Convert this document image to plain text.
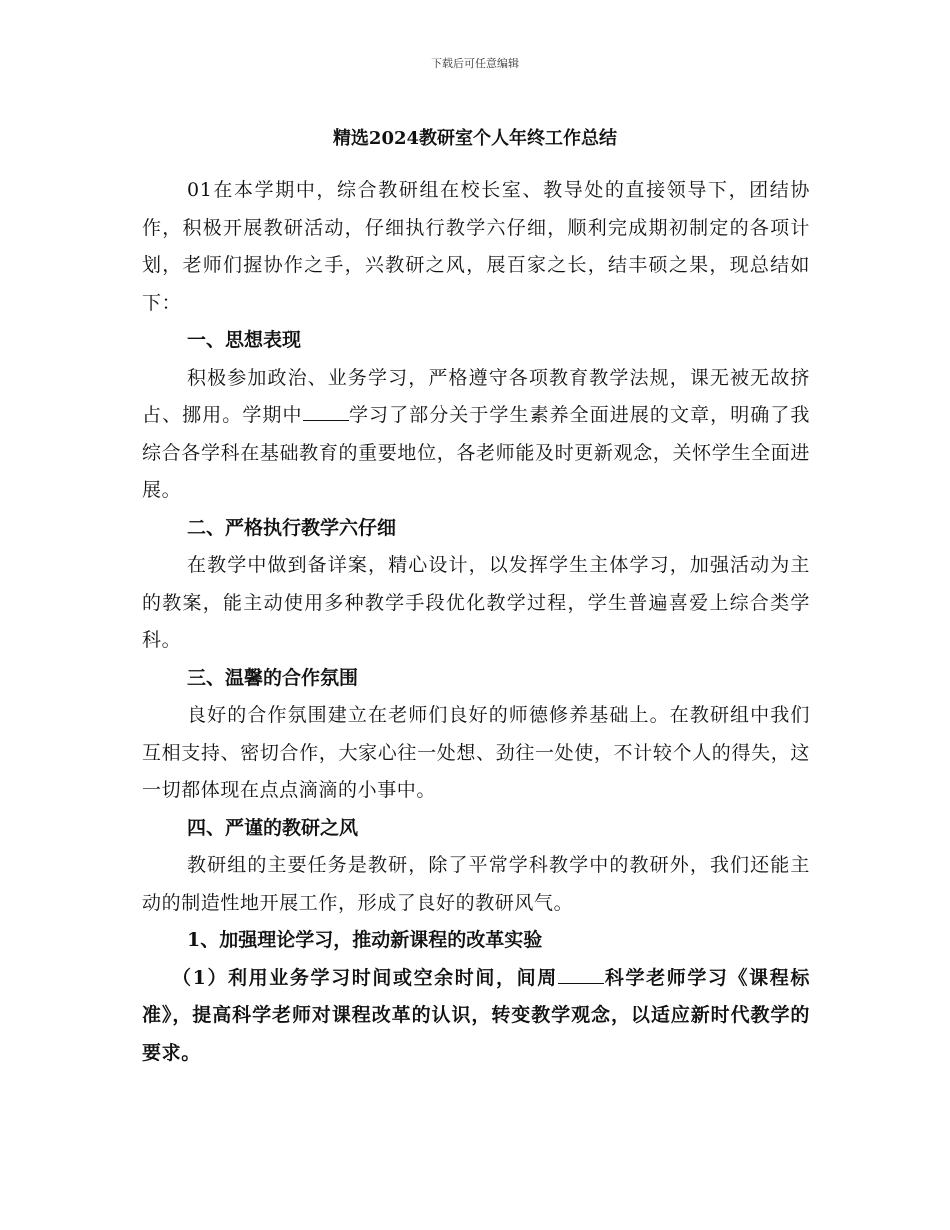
下载后可任意编辑
精选2024教研室个人年终工作总结

01在本学期中，综合教研组在校长室、教导处的直接领导下，团结协作，积极开展教研活动，仔细执行教学六仔细，顺利完成期初制定的各项计划，老师们握协作之手，兴教研之风，展百家之长，结丰硕之果，现总结如下：

一、思想表现

积极参加政治、业务学习，严格遵守各项教育教学法规，课无被无故挤占、挪用。学期中 学习了部分关于学生素养全面进展的文章，明确了我综合各学科在基础教育的重要地位，各老师能及时更新观念，关怀学生全面进展。

二、严格执行教学六仔细

在教学中做到备详案，精心设计，以发挥学生主体学习，加强活动为主的教案，能主动使用多种教学手段优化教学过程，学生普遍喜爱上综合类学科。

三、温馨的合作氛围

良好的合作氛围建立在老师们良好的师德修养基础上。在教研组中我们互相支持、密切合作，大家心往一处想、劲往一处使，不计较个人的得失，这一切都体现在点点滴滴的小事中。

四、严谨的教研之风

教研组的主要任务是教研，除了平常学科教学中的教研外，我们还能主动的制造性地开展工作，形成了良好的教研风气。

1、加强理论学习，推动新课程的改革实验

（1）利用业务学习时间或空余时间，间周 科学老师学习《课程标准》，提高科学老师对课程改革的认识，转变教学观念，以适应新时代教学的要求。
